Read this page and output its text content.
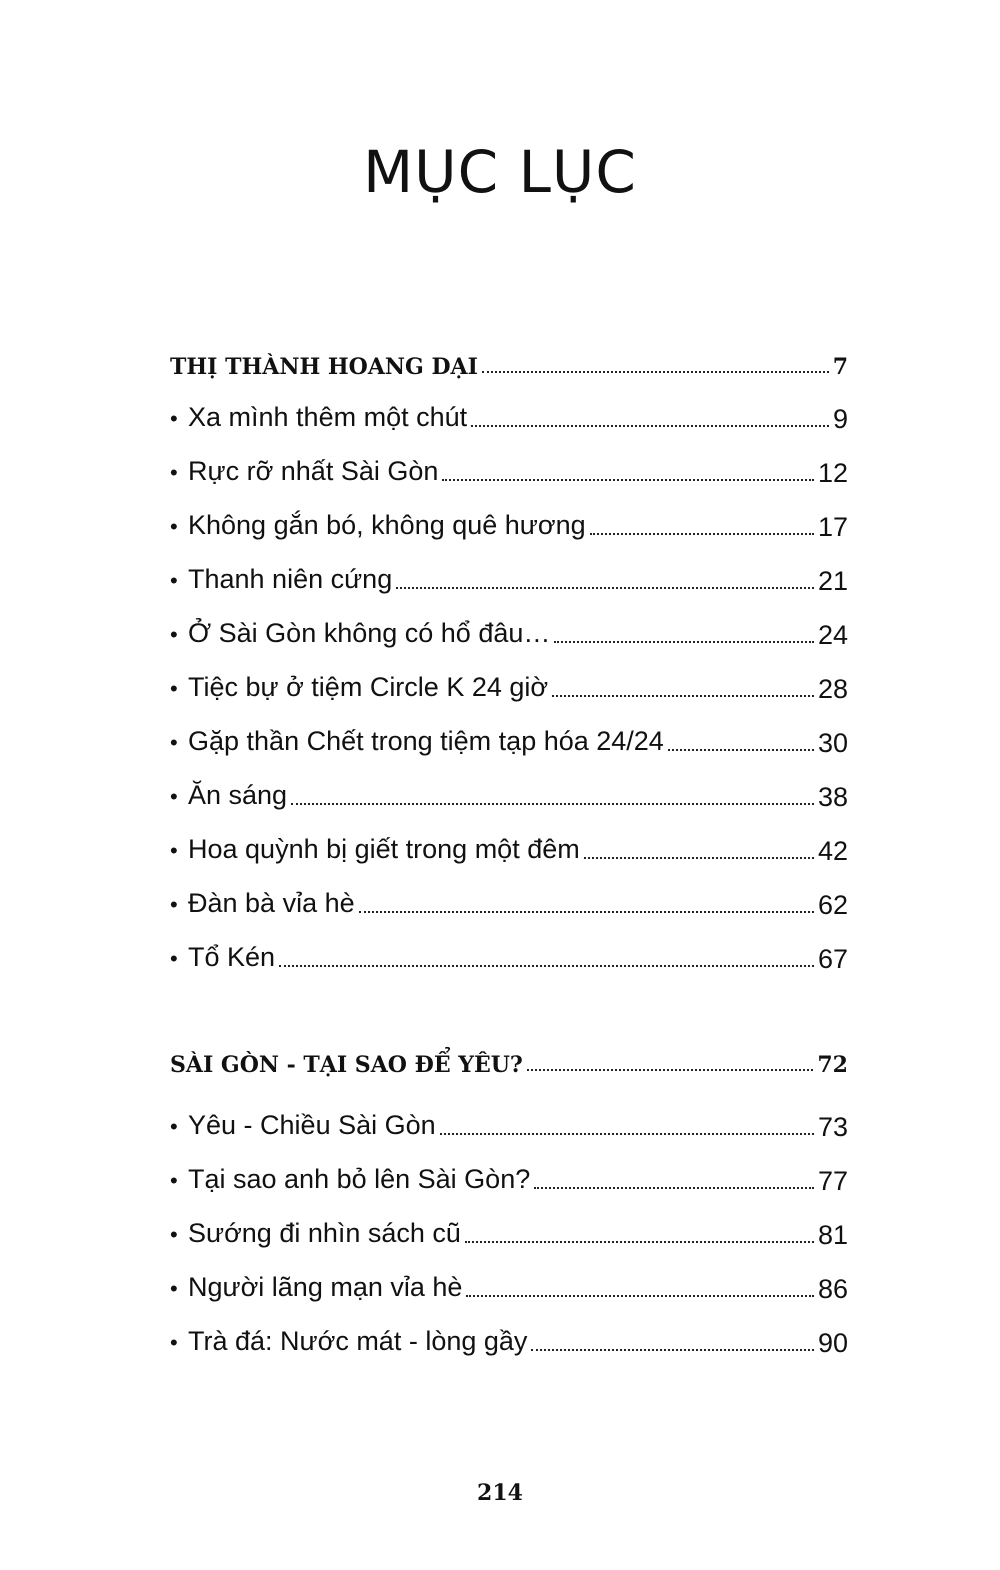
MỤC LỤC
THỊ THÀNH HOANG DẠI	7
• Xa mình thêm một chút	9
• Rực rỡ nhất Sài Gòn	12
• Không gắn bó, không quê hương	17
• Thanh niên cứng	21
• Ở Sài Gòn không có hổ đâu…	24
• Tiệc bự ở tiệm Circle K 24 giờ	28
• Gặp thần Chết trong tiệm tạp hóa 24/24	30
• Ăn sáng	38
• Hoa quỳnh bị giết trong một đêm	42
• Đàn bà vỉa hè	62
• Tổ Kén	67
SÀI GÒN - TẠI SAO ĐỂ YÊU?	72
• Yêu - Chiều Sài Gòn	73
• Tại sao anh bỏ lên Sài Gòn?	77
• Sướng đi nhìn sách cũ	81
• Người lãng mạn vỉa hè	86
• Trà đá: Nước mát - lòng gầy	90
214
